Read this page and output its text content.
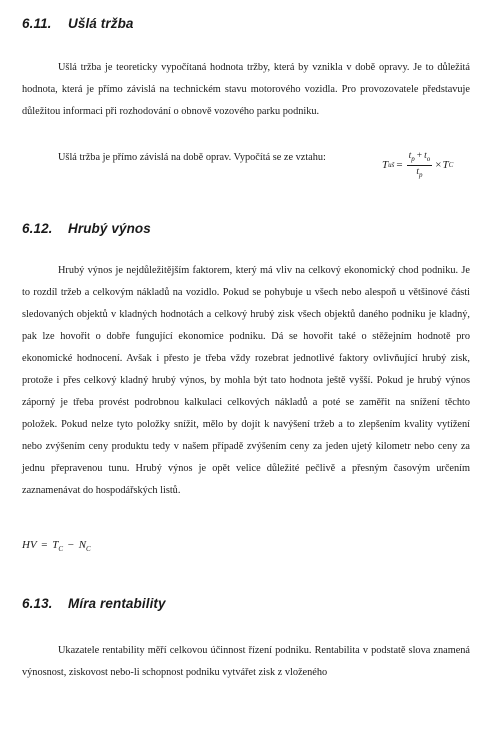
6.11. Ušlá tržba

Ušlá tržba je teoreticky vypočítaná hodnota tržby, která by vznikla v době opravy. Je to důležitá hodnota, která je přímo závislá na technickém stavu motorového vozidla. Pro provozovatele představuje důležitou informaci při rozhodování o obnově vozového parku podniku.

Ušlá tržba je přímo závislá na době oprav. Vypočítá se ze vztahu:
T uš = $\frac{t_p + t_o}{t_p} \times T$ C
6.12. Hrubý výnos

Hrubý výnos je nejdůležitějším faktorem, který má vliv na celkový ekonomický chod podniku. Je to rozdíl tržeb a celkovým nákladů na vozidlo. Pokud se pohybuje u všech nebo alespoň u většinové části sledovaných objektů v kladných hodnotách a celkový hrubý zisk všech objektů daného podniku je kladný, pak lze hovořit o dobře fungující ekonomice podniku. Dá se hovořit také o stěžejním hodnotě pro ekonomické hodnocení. Avšak i přesto je třeba vždy rozebrat jednotlivé faktory ovlivňující hrubý zisk, protože i přes celkový kladný hrubý výnos, by mohla být tato hodnota ještě vyšší. Pokud je hrubý výnos záporný je třeba provést podrobnou kalkulaci celkových nákladů a poté se zaměřit na snížení těchto položek. Pokud nelze tyto položky snížit, mělo by dojít k navýšení tržeb a to zlepšením kvality vytížení nebo zvýšením ceny produktu tedy v našem případě zvýšením ceny za jeden ujetý kilometr nebo ceny za jednu přepravenou tunu. Hrubý výnos je opět velice důležité pečlivě a přesným časovým určením zaznamenávat do hospodářských listů.

HV = $T_C - N_C$
6.13. Míra rentability

Ukazatele rentability měří celkovou účinnost řízení podniku. Rentabilita v podstatě slova znamená výnosnost, ziskovost nebo-li schopnost podniku vytvářet zisk z vloženého
